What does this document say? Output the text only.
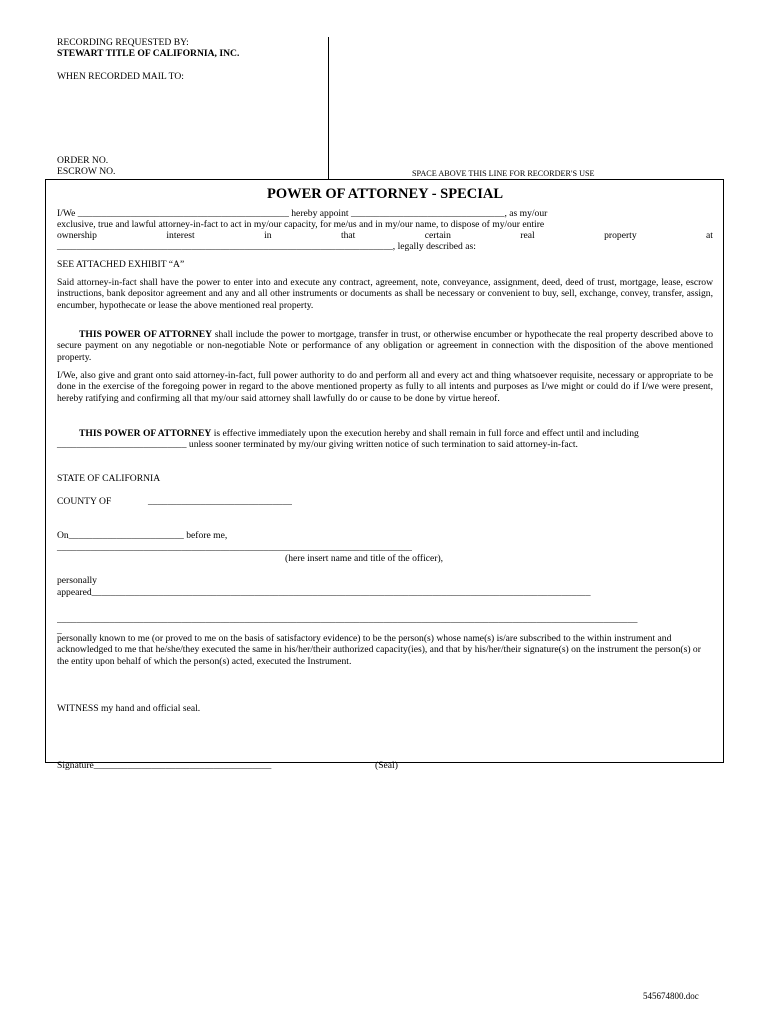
RECORDING REQUESTED BY:
STEWART TITLE OF CALIFORNIA, INC.
WHEN RECORDED MAIL TO:
ORDER NO.
ESCROW NO.	SPACE ABOVE THIS LINE FOR RECORDER'S USE
POWER OF ATTORNEY - SPECIAL
I/We ____________________________________________ hereby appoint ________________________________, as my/our
exclusive, true and lawful attorney-in-fact to act in my/our capacity, for me/us and in my/our name, to dispose of my/our entire
ownership	interest	in	that	certain	real	property	at
______________________________________________________________________, legally described as:
SEE ATTACHED EXHIBIT “A”
Said attorney-in-fact shall have the power to enter into and execute any contract, agreement, note, conveyance, assignment, deed, deed of trust, mortgage, lease, escrow instructions, bank depositor agreement and any and all other instruments or documents as shall be necessary or convenient to buy, sell, exchange, convey, transfer, assign, encumber, hypothecate or lease the above mentioned real property.
THIS POWER OF ATTORNEY shall include the power to mortgage, transfer in trust, or otherwise encumber or hypothecate the real property described above to secure payment on any negotiable or non-negotiable Note or performance of any obligation or agreement in connection with the disposition of the above mentioned property.
I/We, also give and grant onto said attorney-in-fact, full power authority to do and perform all and every act and thing whatsoever requisite, necessary or appropriate to be done in the exercise of the foregoing power in regard to the above mentioned property as fully to all intents and purposes as I/we might or could do if I/we were present, hereby ratifying and confirming all that my/our said attorney shall lawfully do or cause to be done by virtue hereof.
THIS POWER OF ATTORNEY is effective immediately upon the execution hereby and shall remain in full force and effect until and including ___________________________ unless sooner terminated by my/our giving written notice of such termination to said attorney-in-fact.
STATE OF CALIFORNIA
COUNTY OF	______________________________
On________________________ before me,
__________________________________________________________________________
(here insert name and title of the officer),
personally
appeared________________________________________________________________________________________________________
_________________________________________________________________________________________________________________________
_
personally known to me (or proved to me on the basis of satisfactory evidence) to be the person(s) whose name(s) is/are subscribed to the within instrument and acknowledged to me that he/she/they executed the same in his/her/their authorized capacity(ies), and that by his/her/their signature(s) on the instrument the person(s) or the entity upon behalf of which the person(s) acted, executed the Instrument.
WITNESS my hand and official seal.
Signature_____________________________________	(Seal)
545674800.doc
